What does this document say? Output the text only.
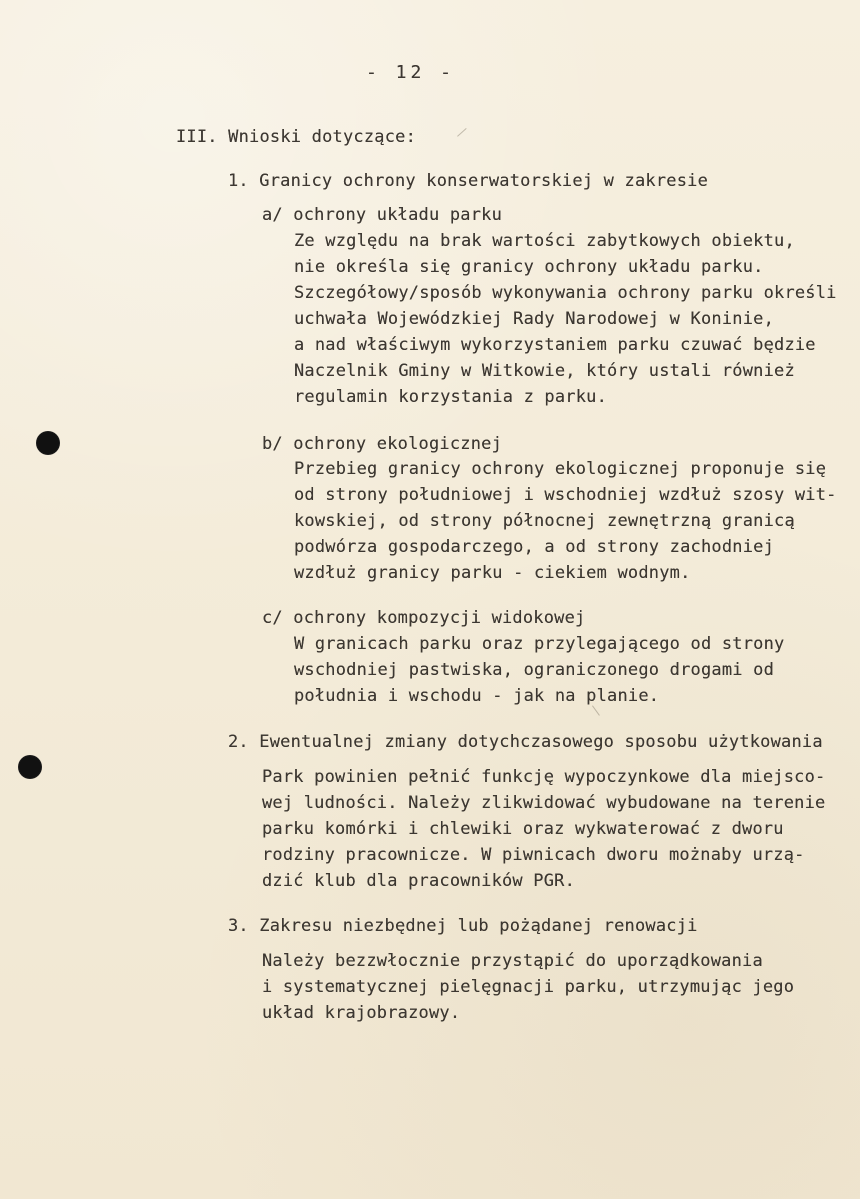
- 12 -
III. Wnioski dotyczące:
1. Granicy ochrony konserwatorskiej w zakresie
a/ ochrony układu parku
Ze względu na brak wartości zabytkowych obiektu,
nie określa się granicy ochrony układu parku.
Szczegółowy/sposób wykonywania ochrony parku określi
uchwała Wojewódzkiej Rady Narodowej w Koninie,
a nad właściwym wykorzystaniem parku czuwać będzie
Naczelnik Gminy w Witkowie, który ustali również
regulamin korzystania z parku.
b/ ochrony ekologicznej
Przebieg granicy ochrony ekologicznej proponuje się
od strony południowej i wschodniej wzdłuż szosy wit-
kowskiej, od strony północnej zewnętrzną granicą
podwórza gospodarczego, a od strony zachodniej
wzdłuż granicy parku - ciekiem wodnym.
c/ ochrony kompozycji widokowej
W granicach parku oraz przylegającego od strony
wschodniej pastwiska, ograniczonego drogami od
południa i wschodu - jak na planie.
2. Ewentualnej zmiany dotychczasowego sposobu użytkowania
Park powinien pełnić funkcję wypoczynkowe dla miejsco-
wej ludności. Należy zlikwidować wybudowane na terenie
parku komórki i chlewiki oraz wykwaterować z dworu
rodziny pracownicze. W piwnicach dworu możnaby urzą-
dzić klub dla pracowników PGR.
3. Zakresu niezbędnej lub pożądanej renowacji
Należy bezzwłocznie przystąpić do uporządkowania
i systematycznej pielęgnacji parku, utrzymując jego
układ krajobrazowy.
